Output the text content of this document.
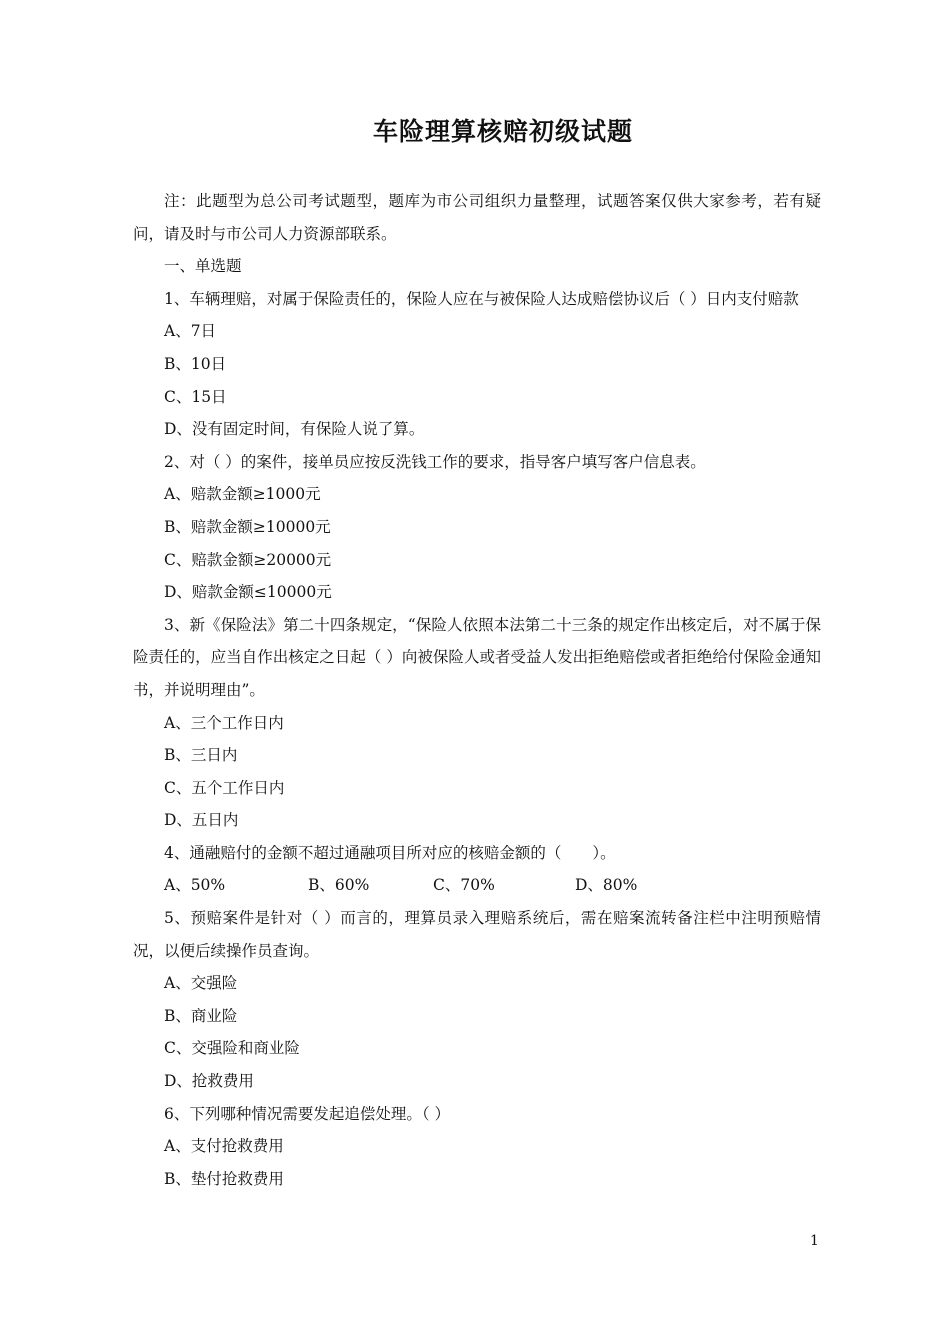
车险理算核赔初级试题

注：此题型为总公司考试题型，题库为市公司组织力量整理，试题答案仅供大家参考，若有疑问，请及时与市公司人力资源部联系。

一、单选题

1、车辆理赔，对属于保险责任的，保险人应在与被保险人达成赔偿协议后（ ）日内支付赔款

A、7日

B、10日

C、15日

D、没有固定时间，有保险人说了算。

2、对（ ）的案件，接单员应按反洗钱工作的要求，指导客户填写客户信息表。

A、赔款金额≥1000元

B、赔款金额≥10000元

C、赔款金额≥20000元

D、赔款金额≤10000元

3、新《保险法》第二十四条规定，“保险人依照本法第二十三条的规定作出核定后，对不属于保险责任的，应当自作出核定之日起（ ）向被保险人或者受益人发出拒绝赔偿或者拒绝给付保险金通知书，并说明理由”。

A、三个工作日内

B、三日内

C、五个工作日内

D、五日内

4、通融赔付的金额不超过通融项目所对应的核赔金额的（　　）。

A、50%	B、60%	C、70%	D、80%

5、预赔案件是针对（ ）而言的，理算员录入理赔系统后，需在赔案流转备注栏中注明预赔情况，以便后续操作员查询。

A、交强险

B、商业险

C、交强险和商业险

D、抢救费用

6、下列哪种情况需要发起追偿处理。（ ）

A、支付抢救费用

B、垫付抢救费用

1
